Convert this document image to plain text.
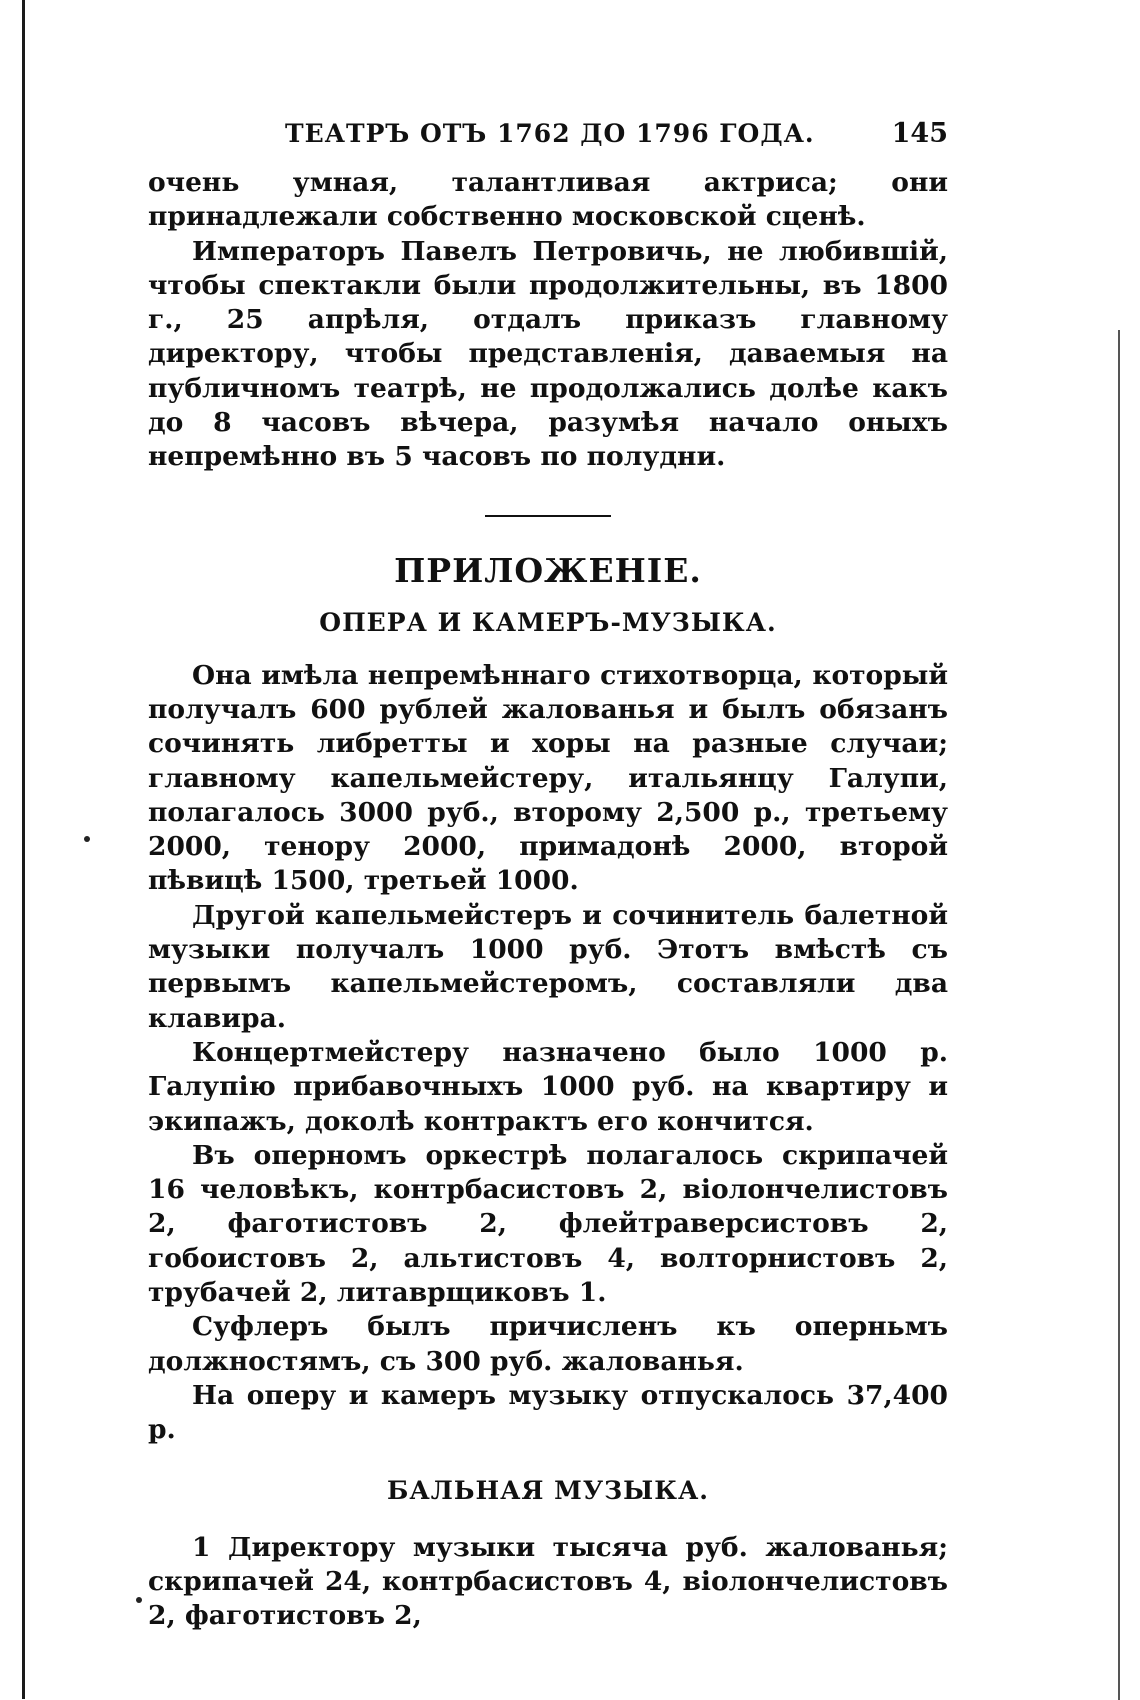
ТЕАТРЪ ОТЪ 1762 ДО 1796 ГОДА.	145

очень умная, талантливая актриса; они принадлежали собственно московской сценѣ.

Императоръ Павелъ Петровичь, не любившій, чтобы спектакли были продолжительны, въ 1800 г., 25 апрѣля, отдалъ приказъ главному директору, чтобы представленія, даваемыя на публичномъ театрѣ, не продолжались долѣе какъ до 8 часовъ вѣчера, разумѣя начало оныхъ непремѣнно въ 5 часовъ по полудни.

ПРИЛОЖЕНІЕ.
ОПЕРА И КАМЕРЪ-МУЗЫКА.

Она имѣла непремѣннаго стихотворца, который получалъ 600 рублей жалованья и былъ обязанъ сочинять либретты и хоры на разные случаи; главному капельмейстеру, итальянцу Галупи, полагалось 3000 руб., второму 2,500 р., третьему 2000, тенору 2000, примадонѣ 2000, второй пѣвицѣ 1500, третьей 1000.

Другой капельмейстеръ и сочинитель балетной музыки получалъ 1000 руб. Этотъ вмѣстѣ съ первымъ капельмейстеромъ, составляли два клавира.

Концертмейстеру назначено было 1000 р. Галупію прибавочныхъ 1000 руб. на квартиру и экипажъ, доколѣ контрактъ его кончится.

Въ оперномъ оркестрѣ полагалось скрипачей 16 человѣкъ, контрбасистовъ 2, віолончелистовъ 2, фаготистовъ 2, флейтраверсистовъ 2, гобоистовъ 2, альтистовъ 4, волторнистовъ 2, трубачей 2, литаврщиковъ 1.

Суфлеръ былъ причисленъ къ оперньмъ должностямъ, съ 300 руб. жалованья.

На оперу и камеръ музыку отпускалось 37,400 р.

БАЛЬНАЯ МУЗЫКА.

1 Директору музыки тысяча руб. жалованья; скрипачей 24, контрбасистовъ 4, віолончелистовъ 2, фаготистовъ 2,
